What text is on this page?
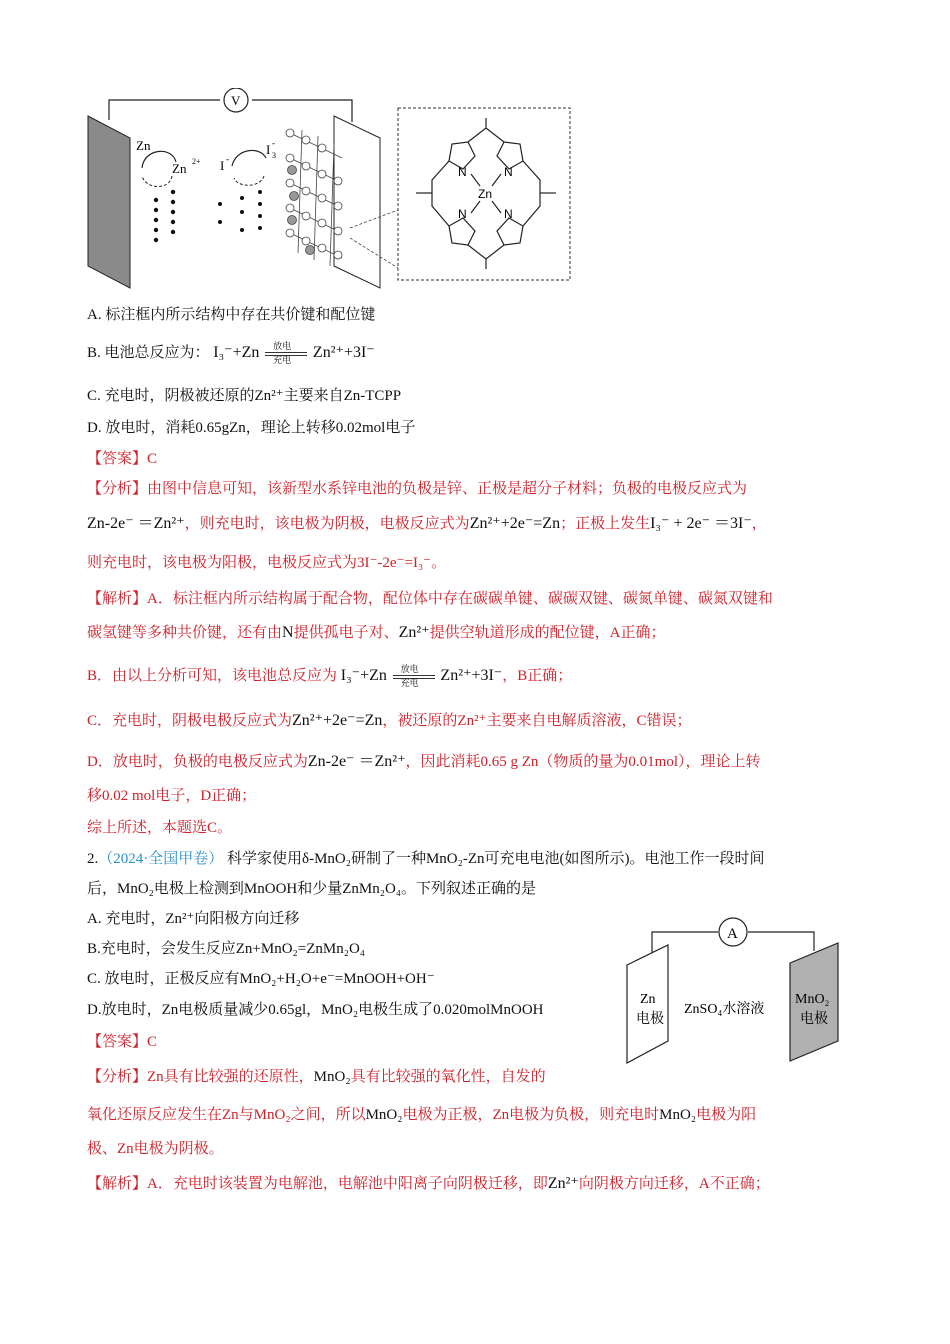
V
Zn
Zn 2+ I -
I -
3
N	N
N	N
Zn
A. 标注框内所示结构中存在共价键和配位键
B. 电池总反应为： I₃⁻+Zn 放电
充电 Zn²⁺+3I⁻
C. 充电时，阴极被还原的Zn²⁺主要来自Zn-TCPP
D. 放电时，消耗0.65gZn，理论上转移0.02mol电子
【答案】C
【分析】由图中信息可知，该新型水系锌电池的负极是锌、正极是超分子材料；负极的电极反应式为
Zn-2e⁻ ＝Zn²⁺，则充电时，该电极为阴极，电极反应式为Zn²⁺+2e⁻=Zn；正极上发生I₃⁻ + 2e⁻ ＝3I⁻，
则充电时，该电极为阳极，电极反应式为3I⁻-2e⁻=I₃⁻。
【解析】A．标注框内所示结构属于配合物，配位体中存在碳碳单键、碳碳双键、碳氮单键、碳氮双键和
碳氢键等多种共价键，还有由N提供孤电子对、Zn²⁺提供空轨道形成的配位键，A正确；
B．由以上分析可知，该电池总反应为 I₃⁻+Zn 放电
充电 Zn²⁺+3I⁻，B正确；
C．充电时，阴极电极反应式为Zn²⁺+2e⁻=Zn，被还原的Zn²⁺主要来自电解质溶液，C错误；
D．放电时，负极的电极反应式为Zn-2e⁻ ＝Zn²⁺，因此消耗0.65 g Zn（物质的量为0.01mol），理论上转
移0.02 mol电子，D正确；
综上所述，本题选C。
2.（2024·全国甲卷） 科学家使用δ-MnO₂研制了一种MnO₂-Zn可充电电池(如图所示)。电池工作一段时间
后，MnO₂电极上检测到MnOOH和少量ZnMn₂O₄。下列叙述正确的是
A. 充电时，Zn²⁺向阳极方向迁移
B.充电时，会发生反应Zn+MnO₂=ZnMn₂O₄
C. 放电时，正极反应有MnO₂+H₂O+e⁻=MnOOH+OH⁻
D.放电时，Zn电极质量减少0.65gl，MnO₂电极生成了0.020molMnOOH
【答案】C
【分析】Zn具有比较强的还原性，MnO₂具有比较强的氧化性，自发的
氧化还原反应发生在Zn与MnO₂之间，所以MnO₂电极为正极，Zn电极为负极，则充电时MnO₂电极为阳
极、Zn电极为阴极。
【解析】A．充电时该装置为电解池，电解池中阳离子向阴极迁移，即Zn²⁺向阴极方向迁移，A不正确；
A
Zn
电极
ZnSO₄水溶液
MnO₂
电极
